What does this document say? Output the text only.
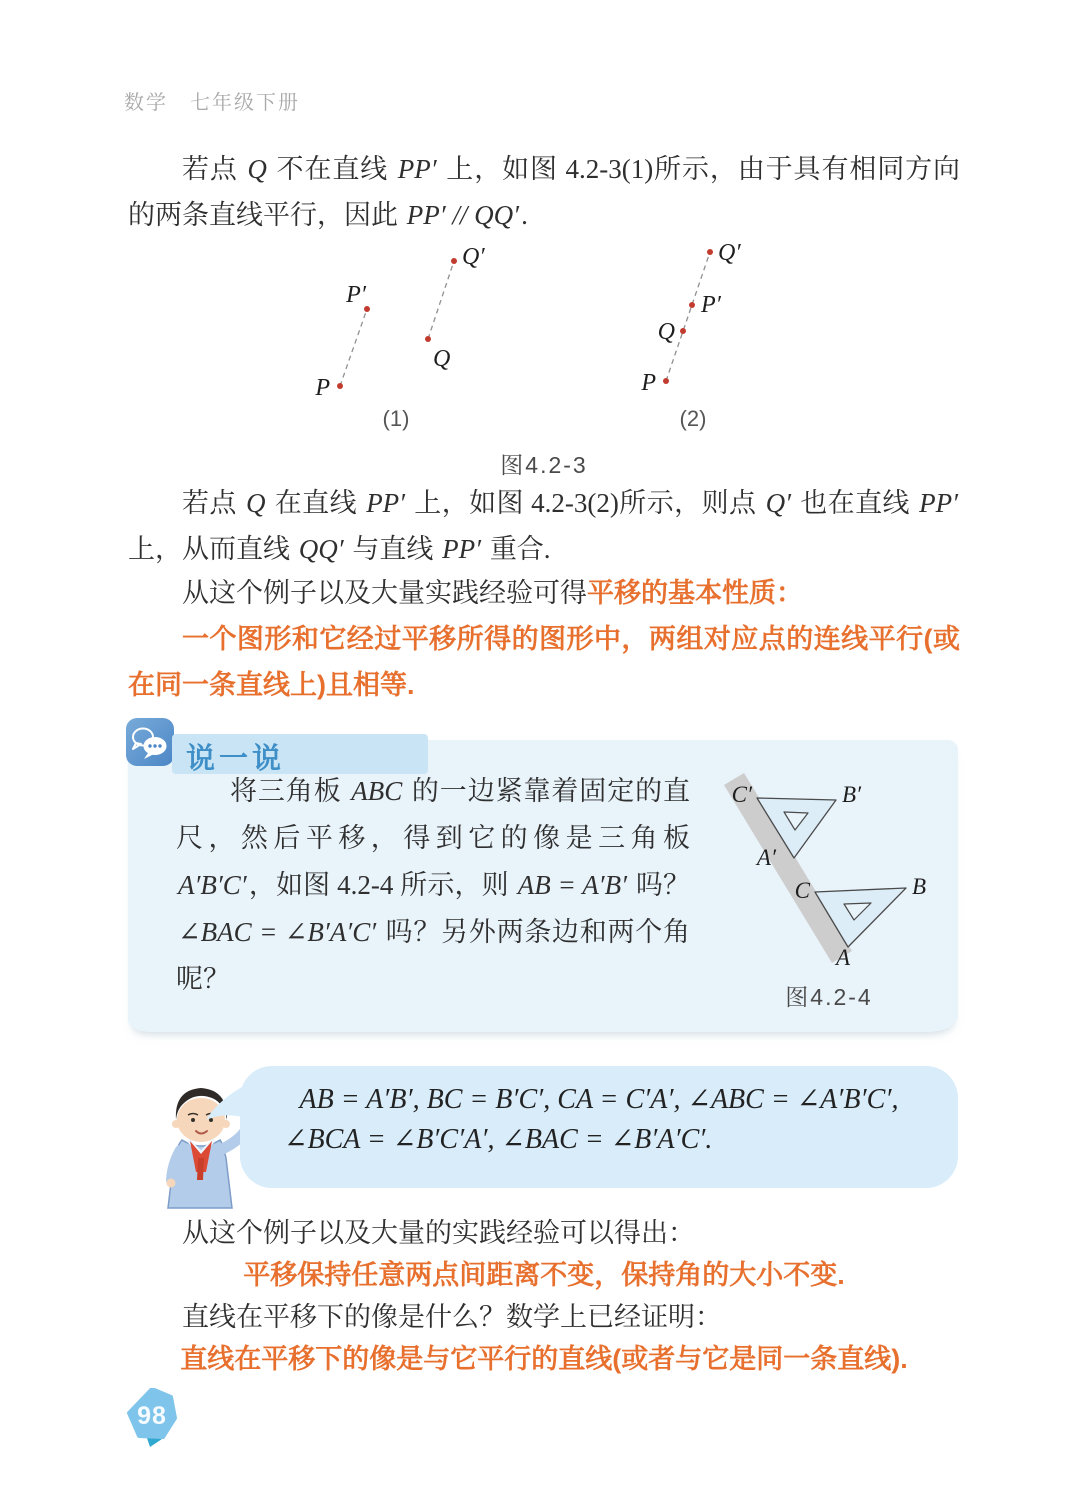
数学　七年级下册

若点 Q 不在直线 PP′ 上，如图 4.2-3(1)所示，由于具有相同方向的两条直线平行，因此 PP′ // QQ′.

P
P′
Q
Q′
(1)
P
Q
P′
Q′
(2)
图4.2-3

若点 Q 在直线 PP′ 上，如图 4.2-3(2)所示，则点 Q′ 也在直线 PP′ 上，从而直线 QQ′ 与直线 PP′ 重合.

从这个例子以及大量实践经验可得平移的基本性质：

一个图形和它经过平移所得的图形中，两组对应点的连线平行(或在同一条直线上)且相等.

说一说
将三角板 ABC 的一边紧靠着固定的直尺，然后平移，得到它的像是三角板 A′B′C′，如图 4.2-4 所示，则 AB = A′B′ 吗？∠BAC = ∠B′A′C′ 吗？另外两条边和两个角呢？
C′	B′
A′
C	B
A
图4.2-4
AB = A′B′, BC = B′C′, CA = C′A′, ∠ABC = ∠A′B′C′,
∠BCA = ∠B′C′A′, ∠BAC = ∠B′A′C′.

从这个例子以及大量的实践经验可以得出：

平移保持任意两点间距离不变，保持角的大小不变.

直线在平移下的像是什么？数学上已经证明：

直线在平移下的像是与它平行的直线(或者与它是同一条直线).

98
